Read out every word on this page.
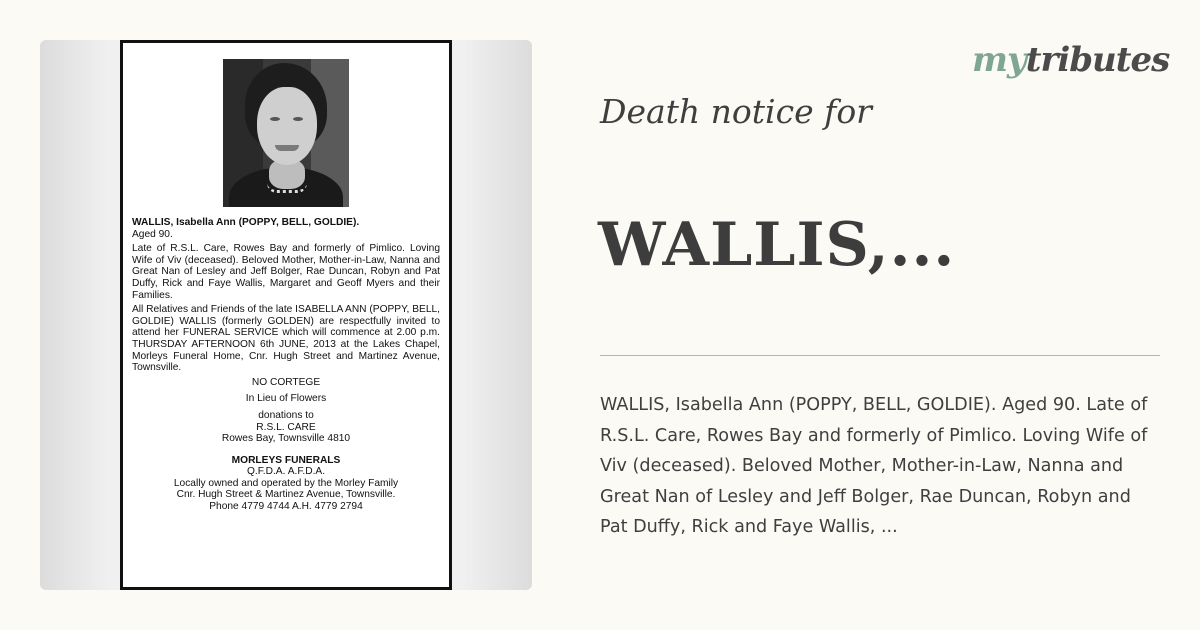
WALLIS, Isabella Ann (POPPY, BELL, GOLDIE).
Aged 90.
Late of R.S.L. Care, Rowes Bay and formerly of Pimlico. Loving Wife of Viv (deceased). Beloved Mother, Mother-in-Law, Nanna and Great Nan of Lesley and Jeff Bolger, Rae Duncan, Robyn and Pat Duffy, Rick and Faye Wallis, Margaret and Geoff Myers and their Families.
All Relatives and Friends of the late ISABELLA ANN (POPPY, BELL, GOLDIE) WALLIS (formerly GOLDEN) are respectfully invited to attend her FUNERAL SERVICE which will commence at 2.00 p.m. THURSDAY AFTERNOON 6th JUNE, 2013 at the Lakes Chapel, Morleys Funeral Home, Cnr. Hugh Street and Martinez Avenue, Townsville.
NO CORTEGE
In Lieu of Flowers
donations to
R.S.L. CARE
Rowes Bay, Townsville 4810
MORLEYS FUNERALS
Q.F.D.A. A.F.D.A.
Locally owned and operated by the Morley Family
Cnr. Hugh Street & Martinez Avenue, Townsville.
Phone 4779 4744 A.H. 4779 2794
mytributes
Death notice for
WALLIS,...
WALLIS, Isabella Ann (POPPY, BELL, GOLDIE). Aged 90. Late of R.S.L. Care, Rowes Bay and formerly of Pimlico. Loving Wife of Viv (deceased). Beloved Mother, Mother-in-Law, Nanna and Great Nan of Lesley and Jeff Bolger, Rae Duncan, Robyn and Pat Duffy, Rick and Faye Wallis, ...
